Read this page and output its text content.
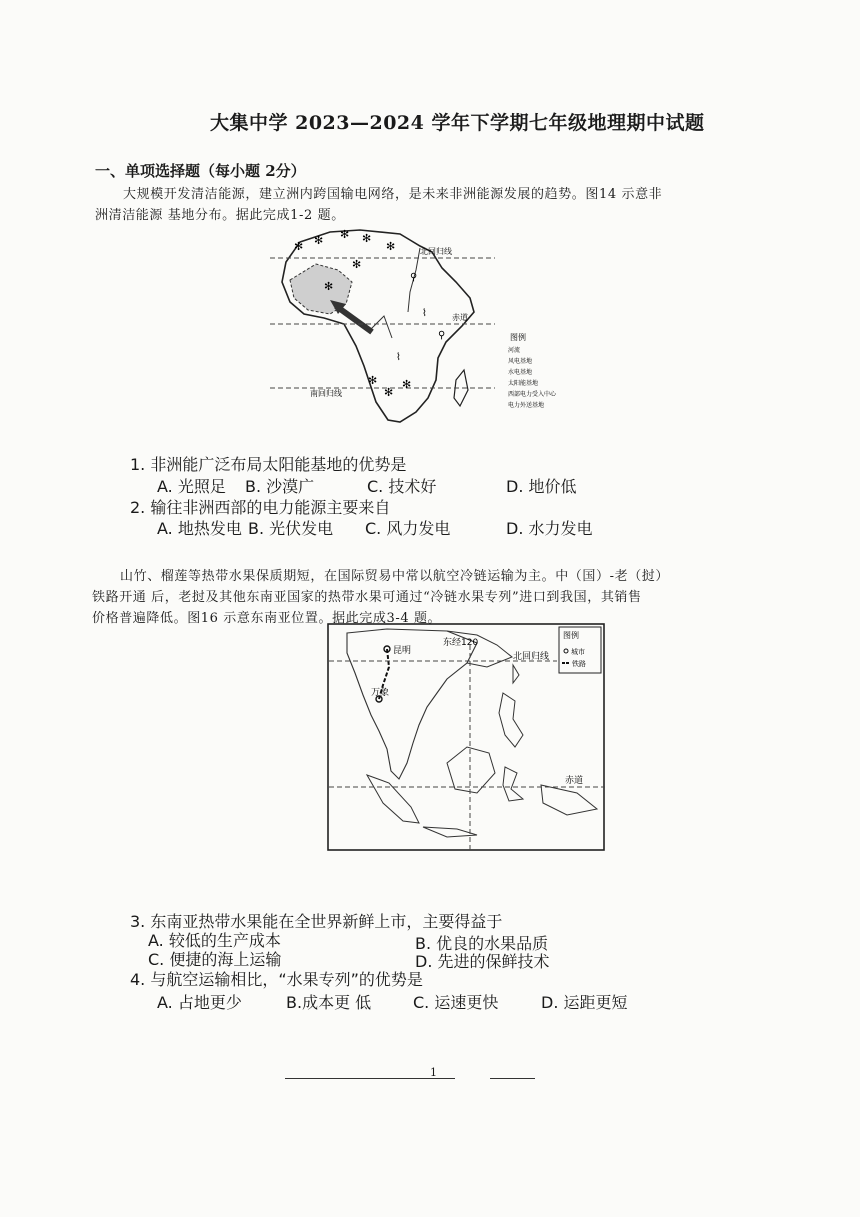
大集中学 2023—2024 学年下学期七年级地理期中试题
一、单项选择题（每小题 2分）
大规模开发清洁能源，建立洲内跨国输电网络，是未来非洲能源发展的趋势。图14 示意非
洲清洁能源 基地分布。据此完成1-2 题。
北回归线
赤道
南回归线
✻ ✻ ✻ ✻
✻
✻
✻
✻
✻
✻
⚲
⚲
⌇
⌇
图例
河流
风电基地
水电基地
太阳能基地
西部电力受入中心
电力外送基地
1. 非洲能广泛布局太阳能基地的优势是
A. 光照足 B. 沙漠广	C. 技术好	D. 地价低
2. 输往非洲西部的电力能源主要来自
A. 地热发电 B. 光伏发电 C. 风力发电	D. 水力发电
山竹、榴莲等热带水果保质期短，在国际贸易中常以航空冷链运输为主。中（国）-老（挝）
铁路开通 后，老挝及其他东南亚国家的热带水果可通过“冷链水果专列”进口到我国，其销售
价格普遍降低。图16 示意东南亚位置。据此完成3-4 题。
昆明
万象
东经120
北回归线
赤道
图例
城市
铁路
3. 东南亚热带水果能在全世界新鲜上市，主要得益于
A. 较低的生产成本	B. 优良的水果品质
C. 便捷的海上运输	D. 先进的保鲜技术
4. 与航空运输相比，“水果专列”的优势是
A. 占地更少	B.成本更 低	C. 运速更快	D. 运距更短
1
